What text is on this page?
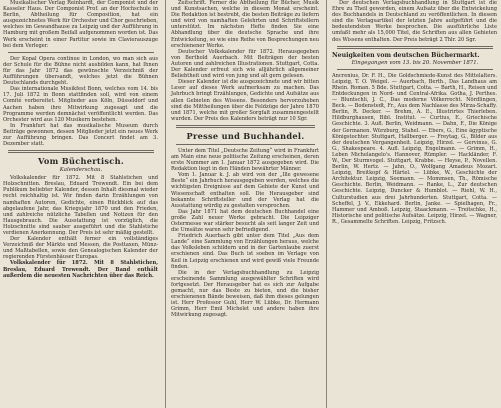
Musikalischer Verlag Reinhardt, der Componist und der Kasseler Haus. Der Componist Prof. an der Hochschule in Berlin, Abtheilung für Composition, hat ein ausgezeichnetes Werk für Orchester und Chor geschrieben, welches im Gewandhause zu Leipzig und der Aufführung in Hamburg mit großem Beifall aufgenommen worden ist. Das Werk erscheint in einer Partitur sowie im Clavierauszuge bei dem Verleger.
Der Kopal Opera continue in London, wo man sich aus der Schule für die Bühne nicht ausbilden kann, hat Ihnen für das Jahr 1872 das gewünschte Verzeichniß der Aufführungen übersandt, welches jetzt die Bühnen Deutschlands durchgeht.
Das internationale Musikfest Bonn, welches vom 14. bis 17. Juli 1872 in Bonn stattfinden soll, wird von einem Comité vorbereitet. Mitglieder aus Köln, Düsseldorf und Aachen haben ihre Mitwirkung zugesagt und die Programme werden demnächst veröffentlicht werden. Das Orchester wird aus 120 Musikern bestehen.
In Frankfurt hat das musikalische Museum durch Beiträge gewonnen, dessen Mitglieder jetzt ein neues Werk zur Aufführung bringen. Das Concert findet am 3. Dezember statt.
Vom Büchertisch.
Kalenderschau.
Volkskalender für 1872. Mit 8 Stahlstichen und Holzschnitten. Breslau, Eduard Trewendt. Ein bei dem Publikum beliebter Kalender, dessen Inhalt diesmal wieder recht reichhaltig ist. Wir finden darin Erzählungen von namhaften Autoren, Gedichte, einen Rückblick auf das abgelaufene Jahr, das Kriegsjahr 1870 und den Frieden, und zahlreiche nützliche Tabellen und Notizen für den Hausgebrauch. Die Ausstattung ist vorzüglich, die Holzschnitte sind sauber ausgeführt und die Stahlstiche verdienen Anerkennung. Der Preis ist sehr mäßig gestellt.
Der Kalender enthält ferner ein vollständiges Verzeichniß der Märkte und Messen, die Posttaxen, Münz- und Maßtabellen, sowie den Genealogischen Kalender der regierenden Fürstenhäuser Europas.
Volkskalender für 1872. Mit 8 Stahlstichen, Breslau, Eduard Trewendt. Der Band enthält außerdem die neuesten Nachrichten über das Reich.
Zeitschrift. Ferner die Abtheilung für Bücher, Musik und Kunstsachen, welche in diesem Monat erscheint. Die Redaktion ist bestrebt, die besten Beiträge zu liefern und wird von namhaften Gelehrten und Schriftstellern unterstützt. Im nächsten Hefte finden Sie eine Abhandlung über die deutsche Sprache und ihre Entwickelung, so wie eine Reihe von Besprechungen neu erschienener Werke.
Deutscher Volkskalender für 1872. Herausgegeben von Berthold Auerbach. Mit Beiträgen der besten Autoren und zahlreichen Illustrationen. Stuttgart, Cotta. Der Kalender erfreut sich wie alljährlich allgemeiner Beliebtheit und wird von jung und alt gern gelesen.
Dieser Kalender ist die ausgezeichnete und wir bitten Leser auf dieses Werk aufmerksam zu machen. Das Jahrbuch bringt Erzählungen, Gedichte und Aufsätze aus allen Gebieten des Wissens. Besonders hervorzuheben sind die Mittheilungen über die Feldzüge der Jahre 1870 und 1871, welche mit großer Sorgfalt zusammengestellt wurden. Der Preis des Kalenders beträgt nur 10 Sgr.
Presse und Buchhandel.
Unter dem Titel „Deutsche Zeitung“ wird in Frankfurt am Main eine neue politische Zeitung erscheinen, deren erste Nummer am 1. Januar 1872 ausgegeben wird. Die Redaktion liegt in den Händen bewährter Männer.
Vom 1. Januar k. J. ab wird von der „Ille gewesene Beste“ ein Jahrbuch herausgegeben werden, welches die wichtigsten Ereignisse auf dem Gebiete der Kunst und Wissenschaft enthalten soll. Die Herausgeber sind bekannte Schriftsteller und der Verlag hat die Ausstattung würdig zu gestalten versprochen.
Das Jahr 1871 hat dem deutschen Buchhandel eine große Zahl neuer Werke gebracht. Die Leipziger Ostermesse war stärker besucht als seit langer Zeit und die Umsätze waren sehr befriedigend.
Friedrich Auerbach gibt unter dem Titel „Aus dem Lande“ eine Sammlung von Erzählungen heraus, welche das Volksleben schildern und in der Gartenlaube zuerst erschienen sind. Das Buch ist soeben im Verlage von Keil in Leipzig erschienen und wird gewiß viele Freunde finden.
Die in der Verlagsbuchhandlung zu Leipzig erscheinende Sammlung ausgewählter Schriften wird fortgesetzt. Der Herausgeber hat es sich zur Aufgabe gemacht, nur das Beste zu bieten, und die bisher erschienenen Bände beweisen, daß ihm dieses gelungen ist. Herr Professor Guhl, Herr W. Lübke, Dr. Hermann Grimm, Herr Emil Michelet und andere haben ihre Mitwirkung zugesagt.
Der deutschen Verlagsbuchhandlung in Stuttgart ist die Ehre zu Theil geworden, einem Aufsatz über die Entwickelung des Buchhandels in Deutschland zu veröffentlichen. In diesem sind die Verlagsartikel der letzten Jahre aufgeführt und die bedeutendsten Werke besprochen. Die ausführliche Liste umfaßt mehr als 15,000 Titel, die Schriften aus allen Gebieten des Wissens enthalten. Der Preis beträgt 2 Thlr. 20 Sgr.
Neuigkeiten vom deutschen Büchermarkt.
Eingegangen vom 13. bis 20. November 1871.
Ancrenius, Dr. F. H., Die Goldschmiede-Kunst des Mittelalters. Leipzig, T. O. Weigel. — Auerbach, Berth., Das Landhaus am Rhein. Roman. 5 Bde. Stuttgart, Cotta. — Barth, H., Reisen und Entdeckungen in Nord- und Central-Afrika. Gotha, J. Perthes. — Bluntschli, J. C., Das moderne Völkerrecht. Nördlingen, Beck. — Bodenstedt, Fr., Aus dem Nachlasse des Mirza-Schaffy. Berlin, R. Decker. — Brehm, A. E., Illustrirtes Thierleben. Hildburghausen, Bibl. Institut. — Curtius, E., Griechische Geschichte. 3. Aufl. Berlin, Weidmann. — Dahn, F., Die Könige der Germanen. Würzburg, Stahel. — Ebers, G., Eine ägyptische Königstochter. Stuttgart, Hallberger. — Freytag, G., Bilder aus der deutschen Vergangenheit. Leipzig, Hirzel. — Gervinus, G. G., Shakespeare. 4. Aufl. Leipzig, Engelmann. — Grimm, H., Leben Michelangelo's. Hannover, Rümpler. — Hackländer, F. W., Der Sturmvogel. Stuttgart, Krabbe. — Heyse, P., Novellen. Berlin, W. Hertz. — Jahn, O., Wolfgang Amadeus Mozart. Leipzig, Breitkopf & Härtel. — Lübke, W., Geschichte der Architektur. Leipzig, Seemann. — Mommsen, Th., Römische Geschichte. Berlin, Weidmann. — Ranke, L., Zur deutschen Geschichte. Leipzig, Duncker & Humblot. — Riehl, W. H., Culturstudien aus drei Jahrhunderten. Stuttgart, Cotta. — Scheffel, J. V., Ekkehard. Berlin, Janke. — Spielhagen, Fr., Hammer und Amboß. Leipzig, Staackmann. — Treitschke, H., Historische und politische Aufsätze. Leipzig, Hirzel. — Wagner, R., Gesammelte Schriften. Leipzig, Fritzsch.
